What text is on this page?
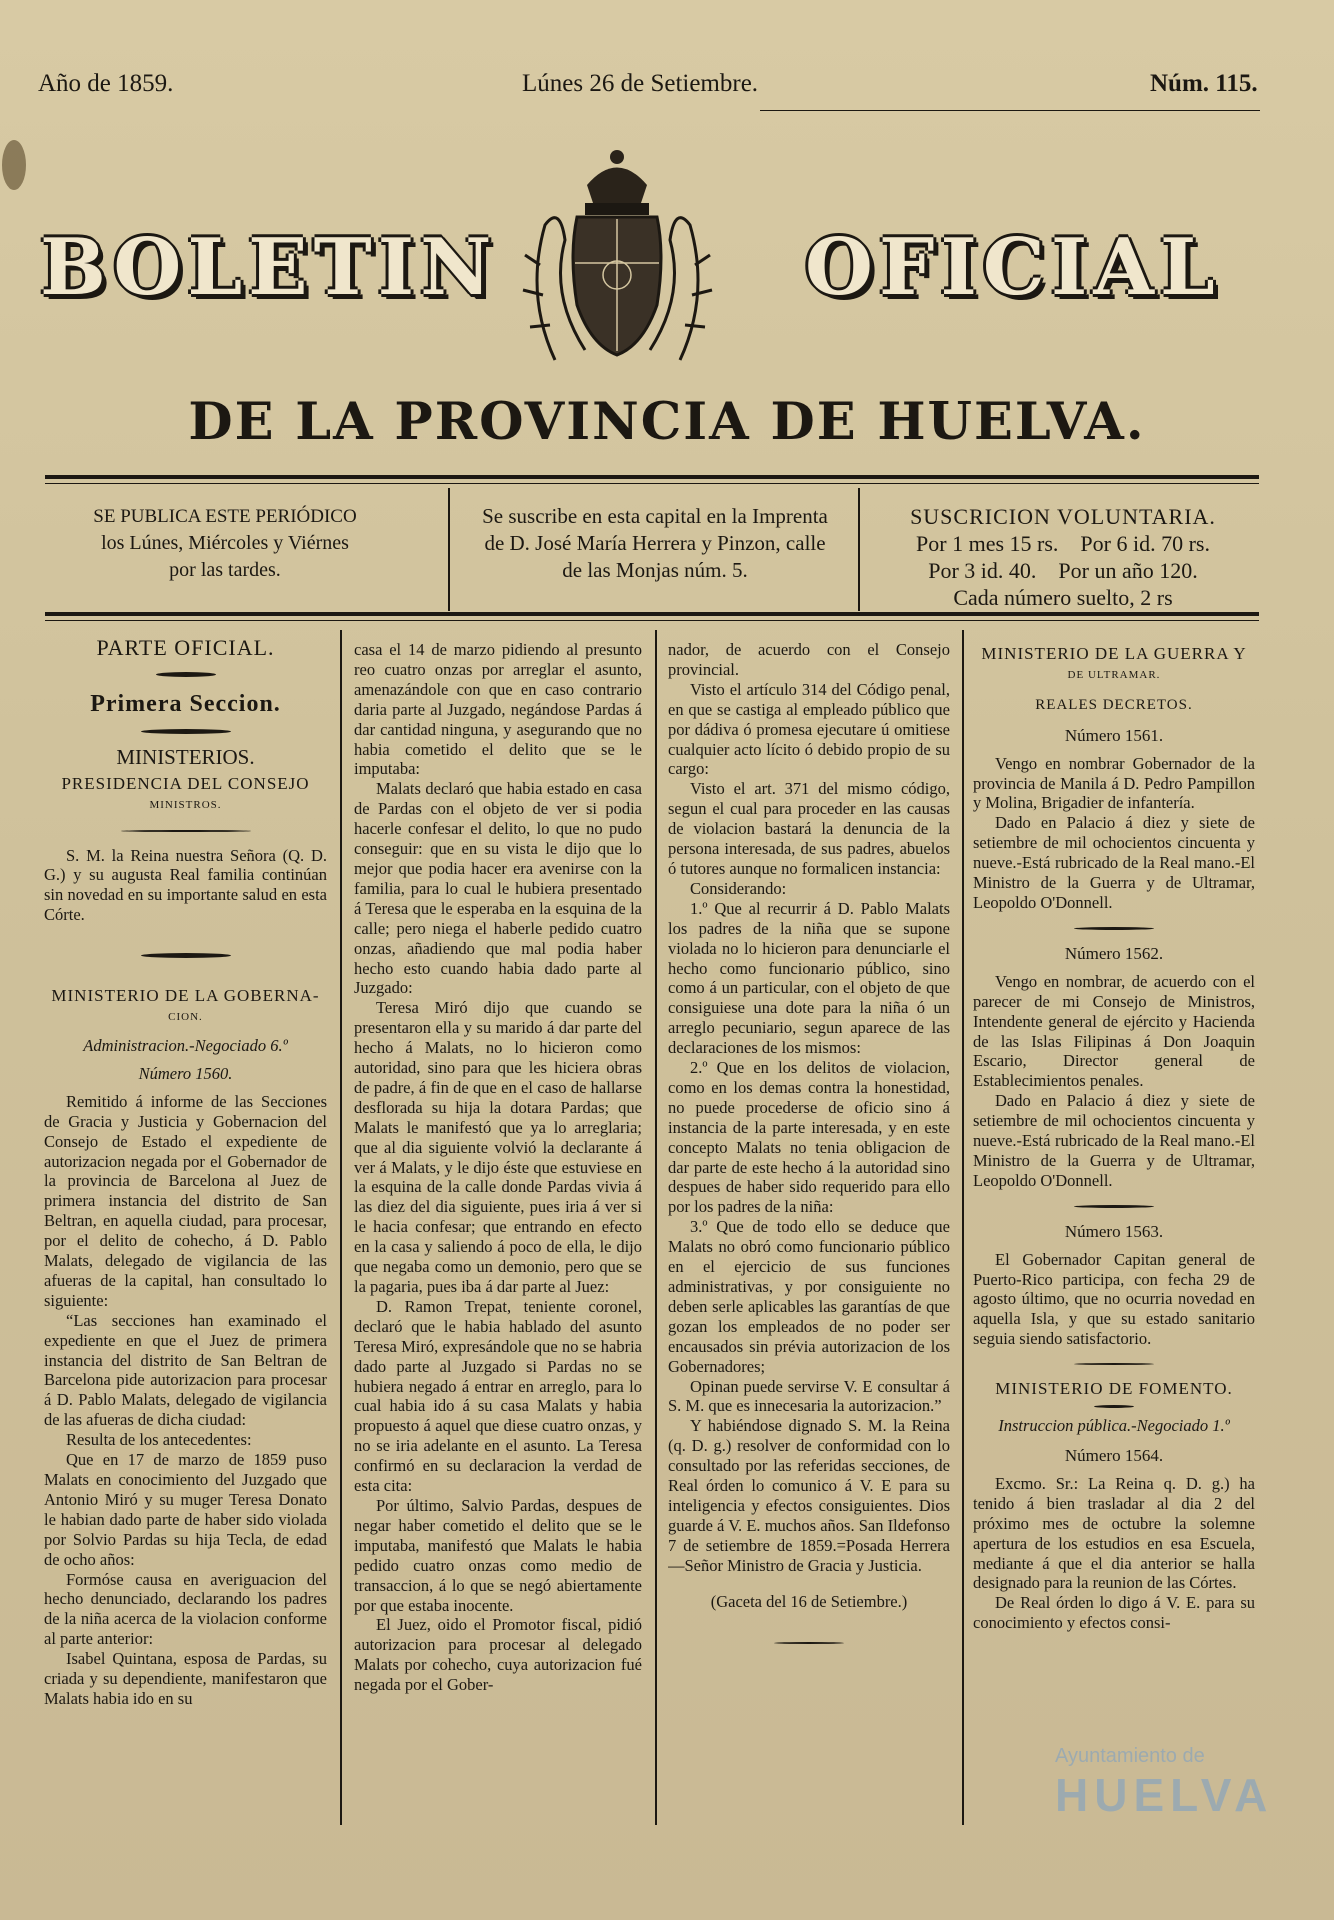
Año de 1859.	Lúnes 26 de Setiembre.	Núm. 115.
BOLETIN	OFICIAL
DE LA PROVINCIA DE HUELVA.
SE PUBLICA ESTE PERIÓDICO
los Lúnes, Miércoles y Viérnes
por las tardes.
Se suscribe en esta capital en la Imprenta
de D. José María Herrera y Pinzon, calle
de las Monjas núm. 5.
SUSCRICION VOLUNTARIA.
Por 1 mes 15 rs.    Por 6 id. 70 rs.
Por 3 id. 40.    Por un año 120.
Cada número suelto, 2 rs
PARTE OFICIAL.
Primera Seccion.
MINISTERIOS.
PRESIDENCIA DEL CONSEJO
MINISTROS.

S. M. la Reina nuestra Señora (Q. D. G.) y su augusta Real familia continúan sin novedad en su importante salud en esta Córte.

MINISTERIO DE LA GOBERNA-
CION.
Administracion.-Negociado 6.º
Número 1560.

Remitido á informe de las Secciones de Gracia y Justicia y Gobernacion del Consejo de Estado el expediente de autorizacion negada por el Gobernador de la provincia de Barcelona al Juez de primera instancia del distrito de San Beltran, en aquella ciudad, para procesar, por el delito de cohecho, á D. Pablo Malats, delegado de vigilancia de las afueras de la capital, han consultado lo siguiente:

“Las secciones han examinado el expediente en que el Juez de primera instancia del distrito de San Beltran de Barcelona pide autorizacion para procesar á D. Pablo Malats, delegado de vigilancia de las afueras de dicha ciudad:

Resulta de los antecedentes:

Que en 17 de marzo de 1859 puso Malats en conocimiento del Juzgado que Antonio Miró y su muger Teresa Donato le habian dado parte de haber sido violada por Solvio Pardas su hija Tecla, de edad de ocho años:

Formóse causa en averiguacion del hecho denunciado, declarando los padres de la niña acerca de la violacion conforme al parte anterior:

Isabel Quintana, esposa de Pardas, su criada y su dependiente, manifestaron que Malats habia ido en su

casa el 14 de marzo pidiendo al presunto reo cuatro onzas por arreglar el asunto, amenazándole con que en caso contrario daria parte al Juzgado, negándose Pardas á dar cantidad ninguna, y asegurando que no habia cometido el delito que se le imputaba:

Malats declaró que habia estado en casa de Pardas con el objeto de ver si podia hacerle confesar el delito, lo que no pudo conseguir: que en su vista le dijo que lo mejor que podia hacer era avenirse con la familia, para lo cual le hubiera presentado á Teresa que le esperaba en la esquina de la calle; pero niega el haberle pedido cuatro onzas, añadiendo que mal podia haber hecho esto cuando habia dado parte al Juzgado:

Teresa Miró dijo que cuando se presentaron ella y su marido á dar parte del hecho á Malats, no lo hicieron como autoridad, sino para que les hiciera obras de padre, á fin de que en el caso de hallarse desflorada su hija la dotara Pardas; que Malats le manifestó que ya lo arreglaria; que al dia siguiente volvió la declarante á ver á Malats, y le dijo éste que estuviese en la esquina de la calle donde Pardas vivia á las diez del dia siguiente, pues iria á ver si le hacia confesar; que entrando en efecto en la casa y saliendo á poco de ella, le dijo que negaba como un demonio, pero que se la pagaria, pues iba á dar parte al Juez:

D. Ramon Trepat, teniente coronel, declaró que le habia hablado del asunto Teresa Miró, expresándole que no se habria dado parte al Juzgado si Pardas no se hubiera negado á entrar en arreglo, para lo cual habia ido á su casa Malats y habia propuesto á aquel que diese cuatro onzas, y no se iria adelante en el asunto. La Teresa confirmó en su declaracion la verdad de esta cita:

Por último, Salvio Pardas, despues de negar haber cometido el delito que se le imputaba, manifestó que Malats le habia pedido cuatro onzas como medio de transaccion, á lo que se negó abiertamente por que estaba inocente.

El Juez, oido el Promotor fiscal, pidió autorizacion para procesar al delegado Malats por cohecho, cuya autorizacion fué negada por el Gober-

nador, de acuerdo con el Consejo provincial.

Visto el artículo 314 del Código penal, en que se castiga al empleado público que por dádiva ó promesa ejecutare ú omitiese cualquier acto lícito ó debido propio de su cargo:

Visto el art. 371 del mismo código, segun el cual para proceder en las causas de violacion bastará la denuncia de la persona interesada, de sus padres, abuelos ó tutores aunque no formalicen instancia:

Considerando:

1.º Que al recurrir á D. Pablo Malats los padres de la niña que se supone violada no lo hicieron para denunciarle el hecho como funcionario público, sino como á un particular, con el objeto de que consiguiese una dote para la niña ó un arreglo pecuniario, segun aparece de las declaraciones de los mismos:

2.º Que en los delitos de violacion, como en los demas contra la honestidad, no puede procederse de oficio sino á instancia de la parte interesada, y en este concepto Malats no tenia obligacion de dar parte de este hecho á la autoridad sino despues de haber sido requerido para ello por los padres de la niña:

3.º Que de todo ello se deduce que Malats no obró como funcionario público en el ejercicio de sus funciones administrativas, y por consiguiente no deben serle aplicables las garantías de que gozan los empleados de no poder ser encausados sin prévia autorizacion de los Gobernadores;

Opinan puede servirse V. E consultar á S. M. que es innecesaria la autorizacion.”

Y habiéndose dignado S. M. la Reina (q. D. g.) resolver de conformidad con lo consultado por las referidas secciones, de Real órden lo comunico á V. E para su inteligencia y efectos consiguientes. Dios guarde á V. E. muchos años. San Ildefonso 7 de setiembre de 1859.=Posada Herrera —Señor Ministro de Gracia y Justicia.

(Gaceta del 16 de Setiembre.)
MINISTERIO DE LA GUERRA Y
DE ULTRAMAR.
REALES DECRETOS.
Número 1561.

Vengo en nombrar Gobernador de la provincia de Manila á D. Pedro Pampillon y Molina, Brigadier de infantería.

Dado en Palacio á diez y siete de setiembre de mil ochocientos cincuenta y nueve.-Está rubricado de la Real mano.-El Ministro de la Guerra y de Ultramar, Leopoldo O'Donnell.

Número 1562.

Vengo en nombrar, de acuerdo con el parecer de mi Consejo de Ministros, Intendente general de ejército y Hacienda de las Islas Filipinas á Don Joaquin Escario, Director general de Establecimientos penales.

Dado en Palacio á diez y siete de setiembre de mil ochocientos cincuenta y nueve.-Está rubricado de la Real mano.-El Ministro de la Guerra y de Ultramar, Leopoldo O'Donnell.

Número 1563.

El Gobernador Capitan general de Puerto-Rico participa, con fecha 29 de agosto último, que no ocurria novedad en aquella Isla, y que su estado sanitario seguia siendo satisfactorio.

MINISTERIO DE FOMENTO.
Instruccion pública.-Negociado 1.º
Número 1564.

Excmo. Sr.: La Reina q. D. g.) ha tenido á bien trasladar al dia 2 del próximo mes de octubre la solemne apertura de los estudios en esa Escuela, mediante á que el dia anterior se halla designado para la reunion de las Córtes.

De Real órden lo digo á V. E. para su conocimiento y efectos consi-

Ayuntamiento de
HUELVA
